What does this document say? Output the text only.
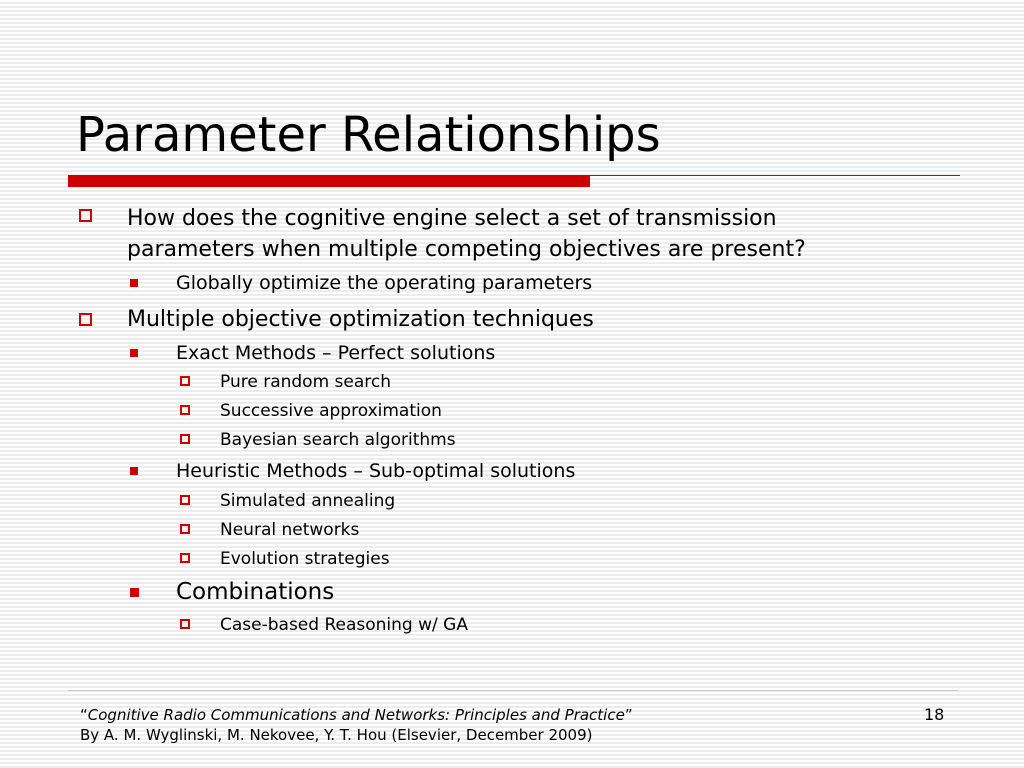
Parameter Relationships
How does the cognitive engine select a set of transmission
parameters when multiple competing objectives are present?
Globally optimize the operating parameters
Multiple objective optimization techniques
Exact Methods – Perfect solutions
Pure random search
Successive approximation
Bayesian search algorithms
Heuristic Methods – Sub-optimal solutions
Simulated annealing
Neural networks
Evolution strategies
Combinations
Case-based Reasoning w/ GA
“Cognitive Radio Communications and Networks: Principles and Practice”
By A. M. Wyglinski, M. Nekovee, Y. T. Hou (Elsevier, December 2009)
18
